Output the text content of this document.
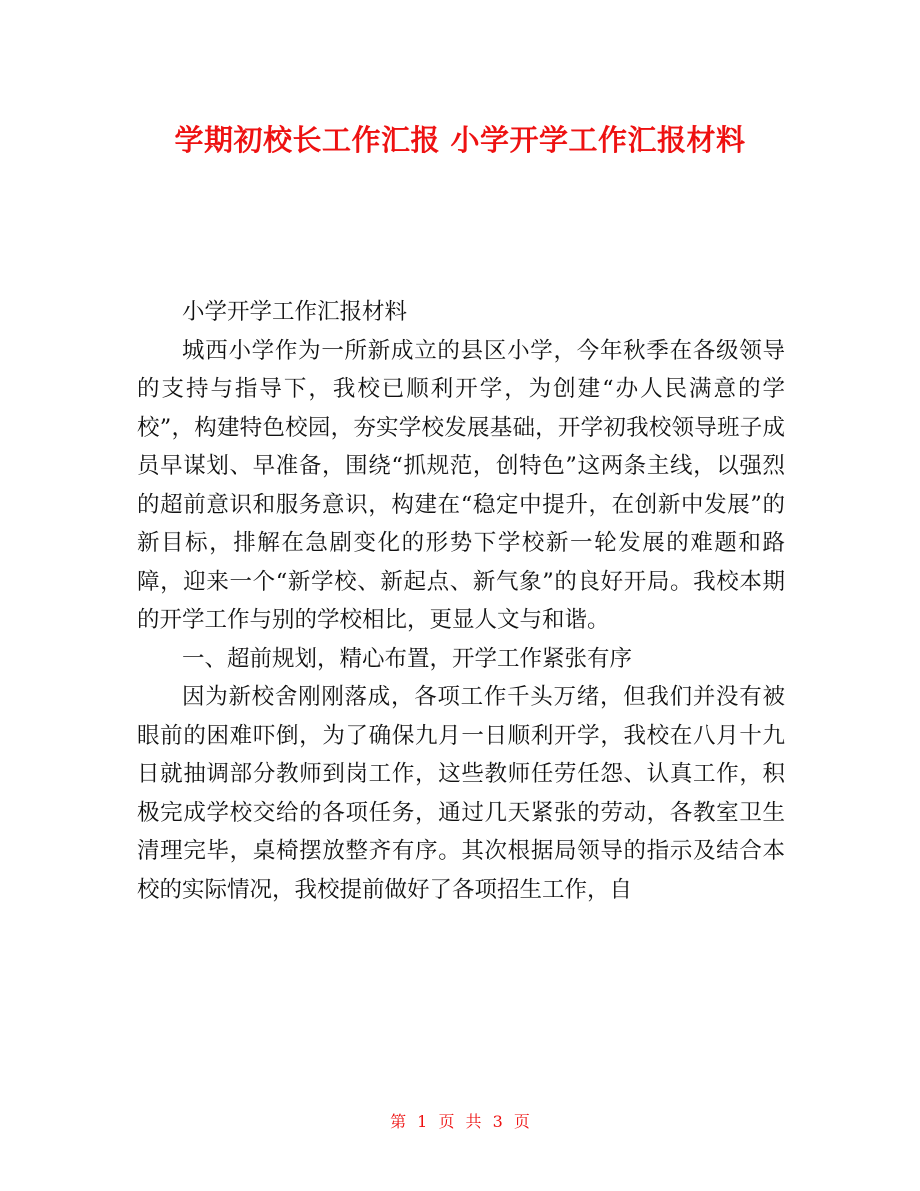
学期初校长工作汇报 小学开学工作汇报材料

小学开学工作汇报材料

城西小学作为一所新成立的县区小学，今年秋季在各级领导的支持与指导下，我校已顺利开学，为创建“办人民满意的学校”，构建特色校园，夯实学校发展基础，开学初我校领导班子成员早谋划、早准备，围绕“抓规范，创特色”这两条主线，以强烈的超前意识和服务意识，构建在“稳定中提升，在创新中发展”的新目标，排解在急剧变化的形势下学校新一轮发展的难题和路障，迎来一个“新学校、新起点、新气象”的良好开局。我校本期的开学工作与别的学校相比，更显人文与和谐。

一、超前规划，精心布置，开学工作紧张有序

因为新校舍刚刚落成，各项工作千头万绪，但我们并没有被眼前的困难吓倒，为了确保九月一日顺利开学，我校在八月十九日就抽调部分教师到岗工作，这些教师任劳任怨、认真工作，积极完成学校交给的各项任务，通过几天紧张的劳动，各教室卫生清理完毕，桌椅摆放整齐有序。其次根据局领导的指示及结合本校的实际情况，我校提前做好了各项招生工作，自

第 1 页 共 3 页
